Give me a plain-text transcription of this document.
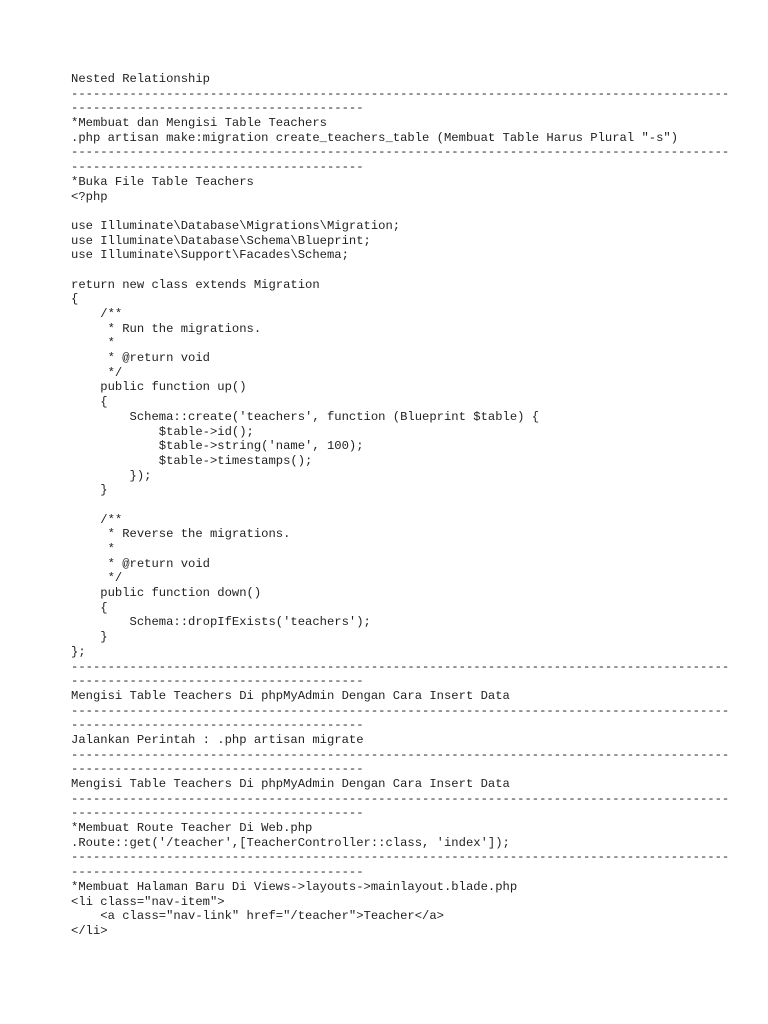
Nested Relationship
------------------------------------------------------------------------------------------
----------------------------------------
*Membuat dan Mengisi Table Teachers
.php artisan make:migration create_teachers_table (Membuat Table Harus Plural "-s")
------------------------------------------------------------------------------------------
----------------------------------------
*Buka File Table Teachers
<?php
use Illuminate\Database\Migrations\Migration;
use Illuminate\Database\Schema\Blueprint;
use Illuminate\Support\Facades\Schema;
return new class extends Migration
{
/**
* Run the migrations.
*
* @return void
*/
public function up()
{
Schema::create('teachers', function (Blueprint $table) {
$table->id();
$table->string('name', 100);
$table->timestamps();
});
}
/**
* Reverse the migrations.
*
* @return void
*/
public function down()
{
Schema::dropIfExists('teachers');
}
};
------------------------------------------------------------------------------------------
----------------------------------------
Mengisi Table Teachers Di phpMyAdmin Dengan Cara Insert Data
------------------------------------------------------------------------------------------
----------------------------------------
Jalankan Perintah : .php artisan migrate
------------------------------------------------------------------------------------------
----------------------------------------
Mengisi Table Teachers Di phpMyAdmin Dengan Cara Insert Data
------------------------------------------------------------------------------------------
----------------------------------------
*Membuat Route Teacher Di Web.php
.Route::get('/teacher',[TeacherController::class, 'index']);
------------------------------------------------------------------------------------------
----------------------------------------
*Membuat Halaman Baru Di Views->layouts->mainlayout.blade.php
<li class="nav-item">
<a class="nav-link" href="/teacher">Teacher</a>
</li>
